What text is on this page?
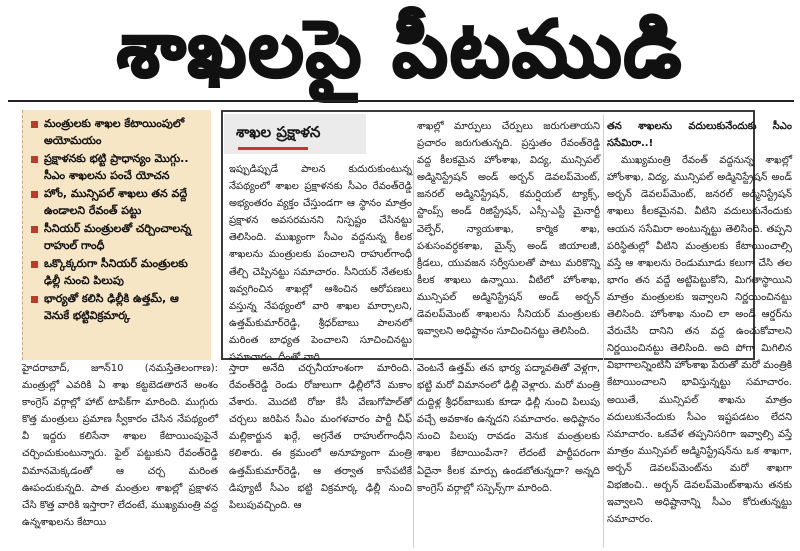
శాఖలపై పీటముడి
మంత్రులకు శాఖల కేటాయింపులో అయోమయం
ప్రక్షాళనకు భట్టి ప్రాధాన్యం మొగ్గు.. సీఎం శాఖలను పంచే యోచన
హోం, మున్సిపల్ శాఖలు తన వద్దే ఉండాలని రేవంత్ పట్టు
సీనియర్ మంత్రులతో చర్చించాలన్న రాహుల్ గాంధీ
ఒక్కొక్కరుగా సీనియర్ మంత్రులకు ఢిల్లీ నుంచి పిలుపు
భార్యతో కలిసి ఢిల్లీకి ఉత్తమ్, ఆ వెనుకే భట్టివిక్రమార్క

హైదరాబాద్, జూన్10 (నమస్తేతెలంగాణ): మంత్రుల్లో ఎవరికి ఏ శాఖ కట్టబెడతారనే అంశం కాంగ్రెస్ వర్గాల్లో హాట్ టాపిక్‌గా మారింది. ముగ్గురు కొత్త మంత్రులు ప్రమాణ స్వీకారం చేసిన నేపథ్యంలో వీ ఇద్దరు కలిసేనా శాఖల కేటాయింపుపైనే చర్చించుకుంటున్నారు. ఫైల్ పట్టుకుని రేవంత్‌రెడ్డి విమానమెక్కడంతో ఆ చర్చ మరింత ఊపందుకున్నది. పాత మంత్రుల శాఖల్లో ప్రక్షాళన చేసి కొత్త వారికి ఇస్తారా? లేదంటే, ముఖ్యమంత్రి వద్ద ఉన్నశాఖలను కేటాయి

శాఖల ప్రక్షాళన

ఇప్పుడిప్పుడే పాలన కుదురుకుంటున్న నేపథ్యంలో శాఖల ప్రక్షాళనకు సీఎం రేవంత్‌రెడ్డి అభ్యంతరం వ్యక్తం చేస్తుండగా ఆ స్థానం మాత్రం ప్రక్షాళన అవసరమనని నిస్పష్టం చేసినట్టు తెలిసింది. ముఖ్యంగా సీఎం వద్దనున్న కీలక శాఖలను మంత్రులకు పంచాలని రాహుల్‌గాంధీ తేల్చి చెప్పినట్టు సమాచారం. సీనియర్ నేతలకు ఇవ్వగించిన శాఖల్లో ఆశించిన ఆరోపణలు వస్తున్న నేపథ్యంలో వారి శాఖల మార్పాలని, ఉత్తమ్‌కుమార్‌రెడ్డి, శ్రీధర్‌బాబు పాలనలో మరింత బాధ్యత పెంచాలని సూచించినట్టు సమాచారం. దీంతో వారి

శాఖల్లో మార్పులు చేర్పులు జరుగుతాయని ప్రచారం జరుగుతున్నది. ప్రస్తుతం రేవంత్‌రెడ్డి వద్ద కీలకమైన హోంశాఖ, విద్య, మున్సిపల్ అడ్మినిస్ట్రేషన్ అండ్ అర్బన్ డెవలప్‌మెంట్, జనరల్ అడ్మినిస్ట్రేషన్, కమర్షియల్ ట్యాక్స్, స్టాంప్స్ అండ్ రిజిస్ట్రేషన్, ఎస్సీ-ఎస్టీ మైనార్టీ వెల్ఫేర్, న్యాయశాఖ, కార్మిక శాఖ, పశుసంవర్ధకశాఖ, మైన్స్ అండ్ జియాలజీ, క్రీడలు, యువజన సర్వీసులతో పాటు మరికొన్ని కీలక శాఖలు ఉన్నాయి. వీటిలో హోంశాఖ, మున్సిపల్ అడ్మినిస్ట్రేషన్ అండ్ అర్బన్ డెవలప్‌మెంట్ శాఖలను సీనియర్ మంత్రులకు ఇవ్వాలని అధిష్టానం సూచించినట్టు తెలిసింది.

తన శాఖలను వదులుకునేందుకు సీఎం ససేమిరా..!

ముఖ్యమంత్రి రేవంత్ వద్దనున్న శాఖల్లో హోంశాఖ, విద్య, మున్సిపల్ అడ్మినిస్ట్రేషన్ అండ్ అర్బన్ డెవలప్‌మెంట్, జనరల్ అడ్మినిస్ట్రేషన్ శాఖలు కీలకమైనవి. వీటిని వదులుకునేందుకు ఆయన ససేమిరా అంటున్నట్టు తెలిసింది. తప్పని పరిస్థితుల్లో వీటిని మంత్రులకు కేటాయించాల్సి వస్తే ఆ శాఖలను రెండుమూడు కలుగా చేసి తల భాగం తన వద్దే అట్టిపెట్టుకోని, మిగతాస్థాయిని మాత్రం మంత్రులకు ఇవ్వాలని నిర్ణయించినట్టు తెలిసింది. హోంశాఖ నుంచి లా అండ్ ఆర్డర్‌ను వేరుచేసి దానిని తన వద్ద ఉంచుకోవాలని నిర్ణయించినట్టు తెలిసింది. అది పోగా మిగిలిన విభాగాలన్నింటినీ హోంశాఖ పేరుతో మరో మంత్రికి కేటాయించాలని భావిస్తున్నట్టు సమాచారం. అయితే, మున్సిపల్ శాఖను మాత్రం వదులుకునేందుకు సీఎం ఇష్టపడటం లేదని సమాచారం. ఒకవేళ తప్పనిసరిగా ఇవ్వాల్సి వస్తే మాత్రం మున్సిపల్ అడ్మినిస్ట్రేషన్‌ను ఒక శాఖగా, అర్బన్ డెవలప్‌మెంట్‌ను మరో శాఖగా విభజించి.. అర్బన్ డెవలప్‌మెంట్‌శాఖను తనకు ఇవ్వాలని అధిష్టానాన్ని సీఎం కోరుతున్నట్టు సమాచారం.

స్తారా అనేది చర్చనీయాంశంగా మారింది. రేవంత్‌రెడ్డి రెండు రోజులుగా ఢిల్లీలోనే మకాం వేశారు. మొదటి రోజు కేసీ వేణుగోపాల్‌తో చర్చలు జరిపిన సీఎం మంగళవారం పార్టీ చీఫ్ మల్లికార్జున ఖర్గే, అగ్రనేత రాహుల్‌గాంధీని కలిశారు. ఈ క్రమంలో అనూహ్యంగా మంత్రి ఉత్తమ్‌కుమార్‌రెడ్డి, ఆ తర్వాత కాసేపటికే డిప్యూటీ సీఎం భట్టి విక్రమార్క ఢిల్లీ నుంచి పిలుపువచ్చింది. ఆ

వెంటనే ఉత్తమ్ తన భార్య పద్మావతితో వెళ్లగా, భట్టి మరో విమానంలో ఢిల్లీ వెళ్లారు. మరో మంత్రి దుద్దిళ్ల శ్రీధర్‌బాబుకు కూడా ఢిల్లీ నుంచి పిలుపు వచ్చే అవకాశం ఉన్నదని సమాచారం. అధిష్టానం నుంచి పిలుపు రావడం వెనుక మంత్రులకు శాఖల కేటాయింపేనా? లేదంటే పార్టీపరంగా ఏదైనా కీలక మార్పు ఉండబోతున్నదా? అన్నది కాంగ్రెస్ వర్గాల్లో సస్పెన్స్‌గా మారింది.
